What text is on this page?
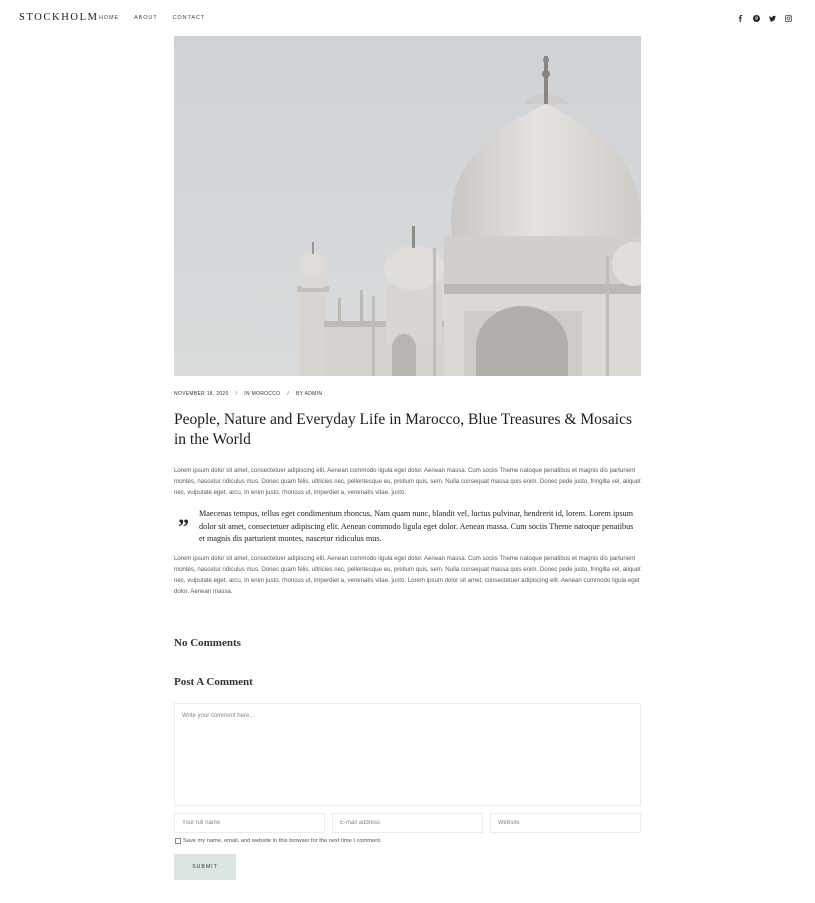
STOCKHOLM HOME	ABOUT	CONTACT
NOVEMBER 18, 2020 / IN MOROCCO / BY ADMIN
People, Nature and Everyday Life in Marocco, Blue Treasures & Mosaics in the World

Lorem ipsum dolor sit amet, consectetuer adipiscing elit. Aenean commodo ligula eget dolor. Aenean massa. Cum sociis Theme natoque penatibus et magnis dis parturient montes, nascetur ridiculus mus. Donec quam felis, ultricies nec, pellentesque eu, pretium quis, sem. Nulla consequat massa quis enim. Donec pede justo, fringilla vel, aliquet nec, vulputate eget, arcu. In enim justo, rhoncus ut, imperdiet a, venenatis vitae, justo.

”

Maecenas tempus, tellus eget condimentum rhoncus, Nam quam nunc, blandit vel, luctus pulvinar, hendrerit id, lorem. Lorem ipsum dolor sit amet, consectetuer adipiscing elit. Aenean commodo ligula eget dolor. Aenean massa. Cum sociis Theme natoque penatibus et magnis dis parturient montes, nascetur ridiculus mus.

Lorem ipsum dolor sit amet, consectetuer adipiscing elit. Aenean commodo ligula eget dolor. Aenean massa. Cum sociis Theme natoque penatibus et magnis dis parturient montes, nascetur ridiculus mus. Donec quam felis, ultricies nec, pellentesque eu, pretium quis, sem. Nulla consequat massa quis enim. Donec pede justo, fringilla vel, aliquet nec, vulputate eget, arcu. In enim justo, rhoncus ut, imperdiet a, venenatis vitae, justo. Lorem ipsum dolor sit amet, consectetuer adipiscing elit. Aenean commodo ligula eget dolor. Aenean massa.

No Comments
Post A Comment
Write your comment here...
Your full name
E-mail address
Website
Save my name, email, and website in this browser for the next time I comment.
SUBMIT
